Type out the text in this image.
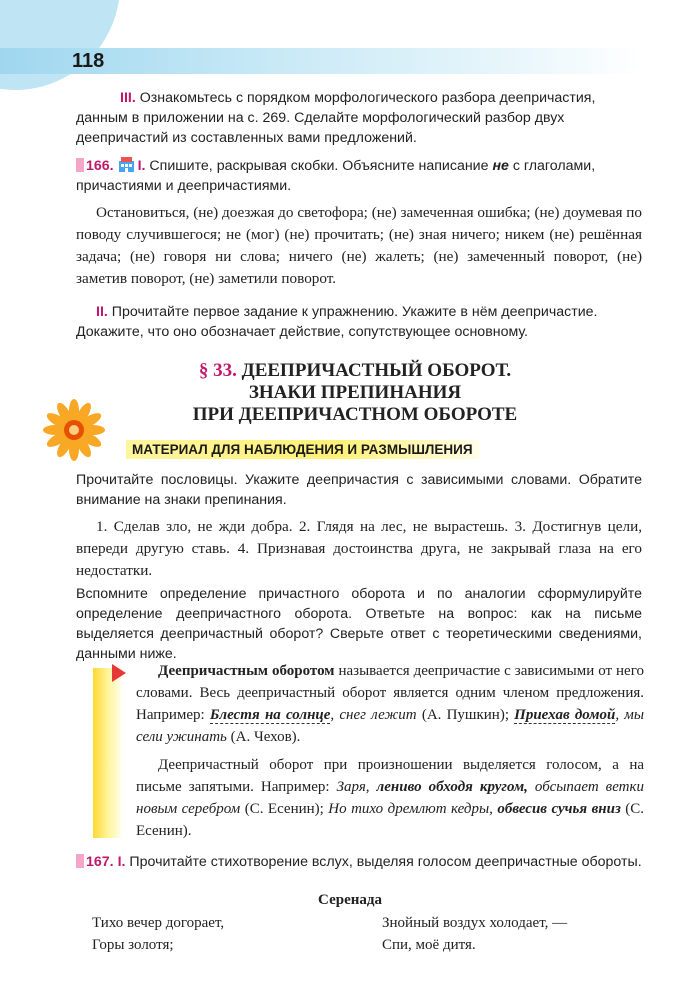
118
III. Ознакомьтесь с порядком морфологического разбора деепричастия, данным в приложении на с. 269. Сделайте морфологический разбор двух деепричастий из составленных вами предложений.
166. I. Спишите, раскрывая скобки. Объясните написание не с глаголами, причастиями и деепричастиями.
Остановиться, (не) доезжая до светофора; (не) замеченная ошибка; (не) доумевая по поводу случившегося; не (мог) (не) прочитать; (не) зная ничего; никем (не) решённая задача; (не) говоря ни слова; ничего (не) жалеть; (не) замеченный поворот, (не) заметив поворот, (не) заметили поворот.
II. Прочитайте первое задание к упражнению. Укажите в нём деепричастие. Докажите, что оно обозначает действие, сопутствующее основному.
§ 33. ДЕЕПРИЧАСТНЫЙ ОБОРОТ.
ЗНАКИ ПРЕПИНАНИЯ
ПРИ ДЕЕПРИЧАСТНОМ ОБОРОТЕ
МАТЕРИАЛ ДЛЯ НАБЛЮДЕНИЯ И РАЗМЫШЛЕНИЯ
Прочитайте пословицы. Укажите деепричастия с зависимыми словами. Обратите внимание на знаки препинания.
1. Сделав зло, не жди добра. 2. Глядя на лес, не вырастешь. 3. Достигнув цели, впереди другую ставь. 4. Признавая достоинства друга, не закрывай глаза на его недостатки.
Вспомните определение причастного оборота и по аналогии сформулируйте определение деепричастного оборота. Ответьте на вопрос: как на письме выделяется деепричастный оборот? Сверьте ответ с теоретическими сведениями, данными ниже.
Деепричастным оборотом называется деепричастие с зависимыми от него словами. Весь деепричастный оборот является одним членом предложения. Например: Блестя на солнце, снег лежит (А. Пушкин); Приехав домой, мы сели ужинать (А. Чехов).
Деепричастный оборот при произношении выделяется голосом, а на письме запятыми. Например: Заря, лениво обходя кругом, обсыпает ветки новым серебром (С. Есенин); Но тихо дремлют кедры, обвесив сучья вниз (С. Есенин).
167. I. Прочитайте стихотворение вслух, выделяя голосом деепричастные обороты.
Серенада
Тихо вечер догорает,
Горы золотя;
Знойный воздух холодает, —
Спи, моё дитя.
